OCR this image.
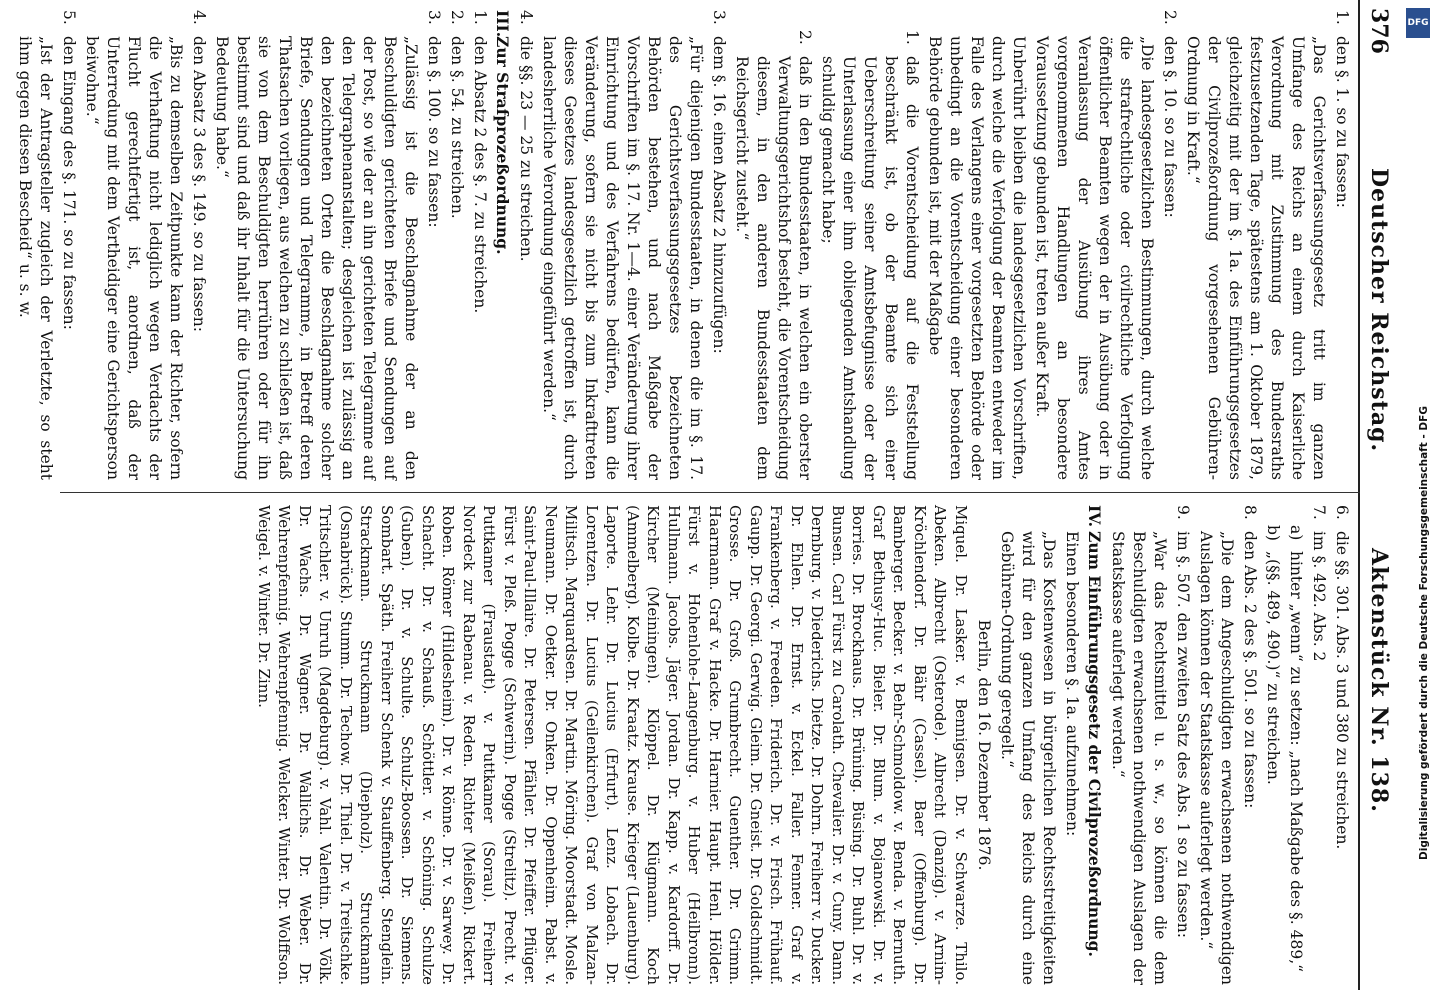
376
Deutscher Reichstag.
Aktenstück Nr. 138.

1.den §. 1. so zu fassen:

„Das Gerichtsverfassungsgesetz tritt im ganzen Umfange des Reichs an einem durch Kaiserliche Verordnung mit Zustimmung des Bundesraths festzusetzenden Tage, spätestens am 1. Oktober 1879, gleichzeitig mit der im §. 1a. des Einführungsgesetzes der Civilprozeßordnung vorgesehenen Gebühren-Ordnung in Kraft.“

2.den §. 10. so zu fassen:

„Die landesgesetzlichen Bestimmungen, durch welche die strafrechtliche oder civilrechtliche Verfolgung öffentlicher Beamten wegen der in Ausübung oder in Veranlassung der Ausübung ihres Amtes vorgenommenen Handlungen an besondere Voraussetzung gebunden ist, treten außer Kraft.

Unberührt bleiben die landesgesetzlichen Vorschriften, durch welche die Verfolgung der Beamten entweder im Falle des Verlangens einer vorgesetzten Behörde oder unbedingt an die Vorentscheidung einer besonderen Behörde gebunden ist, mit der Maßgabe

1.daß die Vorentscheidung auf die Feststellung beschränkt ist, ob der Beamte sich einer Ueberschreitung seiner Amtsbefugnisse oder der Unterlassung einer ihm obliegenden Amtshandlung schuldig gemacht habe;

2.daß in den Bundesstaaten, in welchen ein oberster Verwaltungsgerichtshof besteht, die Vorentscheidung diesem, in den anderen Bundesstaaten dem Reichsgericht zusteht.“

3.dem §. 16. einen Absatz 2 hinzuzufügen:

„Für diejenigen Bundesstaaten, in denen die im §. 17. des Gerichtsverfassungsgesetzes bezeichneten Behörden bestehen, und nach Maßgabe der Vorschriften im §. 17. Nr. 1—4. einer Veränderung ihrer Einrichtung und des Verfahrens bedürfen, kann die Veränderung, sofern sie nicht bis zum Inkrafttreten dieses Gesetzes landesgesetzlich getroffen ist, durch landesherrliche Verordnung eingeführt werden.“

4.die §§. 23 — 25 zu streichen.

III.Zur Strafprozeßordnung.

1.den Absatz 2 des §. 7. zu streichen.

2.den §. 54. zu streichen.

3.den §. 100. so zu fassen:

„Zulässig ist die Beschlagnahme der an den Beschuldigten gerichteten Briefe und Sendungen auf der Post, so wie der an ihn gerichteten Telegramme auf den Telegraphenanstalten; desgleichen ist zulässig an den bezeichneten Orten die Beschlagnahme solcher Briefe, Sendungen und Telegramme, in Betreff deren Thatsachen vorliegen, aus welchen zu schließen ist, daß sie von dem Beschuldigten herrühren oder für ihn bestimmt sind und daß ihr Inhalt für die Untersuchung Bedeutung habe.“

4.den Absatz 3 des §. 149. so zu fassen:

„Bis zu demselben Zeitpunkte kann der Richter, sofern die Verhaftung nicht lediglich wegen Verdachts der Flucht gerechtfertigt ist, anordnen, daß der Unterredung mit dem Vertheidiger eine Gerichtsperson beiwohne.“

5.den Eingang des §. 171. so zu fassen:

„Ist der Antragsteller zugleich der Verletzte, so steht ihm gegen diesen Bescheid“ u. s. w.

6.die §§. 301. Abs. 3 und 380 zu streichen.

7.im §. 492. Abs. 2

a)hinter „wenn“ zu setzen: „nach Maßgabe des §. 489,“

b)„(§§. 489, 490.)“ zu streichen.

8.den Abs. 2 des §. 501. so zu fassen:

„Die dem Angeschuldigten erwachsenen nothwendigen Auslagen können der Staatskasse auferlegt werden.“

9.im §. 507. den zweiten Satz des Abs. 1 so zu fassen:

„War das Rechtsmittel u. s. w., so können die dem Beschuldigten erwachsenen nothwendigen Auslagen der Staatskasse auferlegt werden.“

IV.Zum Einführungsgesetz der Civilprozeßordnung.

Einen besonderen §. 1a. aufzunehmen:

„Das Kostenwesen in bürgerlichen Rechtsstreitigkeiten wird für den ganzen Umfang des Reichs durch eine Gebühren-Ordnung geregelt.“

Berlin, den 16. Dezember 1876.

Miquel. Dr. Lasker. v. Bennigsen. Dr. v. Schwarze. Thilo. Abeken. Albrecht (Osterode). Albrecht (Danzig). v. Arnim-Kröchlendorf. Dr. Bähr (Cassel). Baer (Offenburg). Dr. Bamberger. Becker. v. Behr-Schmoldow. v. Benda. v. Bernuth. Graf Bethusy-Huc. Bieler. Dr. Blum. v. Bojanowski. Dr. v. Borries. Dr. Brockhaus. Dr. Brüning. Büsing. Dr. Buhl. Dr. v. Bunsen. Carl Fürst zu Carolath. Chevalier. Dr. v. Cuny. Dann. Dernburg. v. Diederichs. Dietze. Dr. Dohrn. Freiherr v. Ducker. Dr. Ehlen. Dr. Ernst. v. Eckel. Faller. Fenner. Graf v. Frankenberg. v. Freeden. Friderich. Dr. v. Frisch. Frühauf. Gaupp. Dr. Georgi. Gerwig. Gleim. Dr. Gneist. Dr. Goldschmidt. Grosse. Dr. Groß. Grumbrecht. Guenther. Dr. Grimm. Haarmann. Graf v. Hacke. Dr. Harnier. Haupt. Henl. Hölder. Fürst v. Hohenlohe-Langenburg. v. Huber (Heilbronn). Hullmann. Jacobs. Jäger. Jordan. Dr. Kapp. v. Kardorff. Dr. Kircher (Meiningen). Klöppel. Dr. Klügmann. Koch (Ammelberg). Kolbe. Dr. Kraatz. Krause. Krieger (Lauenburg). Laporte. Lehr. Dr. Lucius (Erfurt). Lenz. Lobach. Dr. Lorentzen. Dr. Lucius (Geilenkirchen). Graf von Malzan-Militsch. Marquardsen. Dr. Martin. Möring. Moorstadt. Mosle. Neumann. Dr. Oetker. Dr. Onken. Dr. Oppenheim. Pabst. v. Saint-Paul-Illaire. Dr. Petersen. Pfähler. Dr. Pfeiffer. Pflüger. Fürst v. Pleß. Pogge (Schwerin). Pogge (Strelitz). Precht. v. Puttkamer (Fraustadt). v. Puttkamer (Sorau). Freiherr Nordeck zur Rabenau. v. Reden. Richter (Meißen). Rickert. Roben. Römer (Hildesheim). Dr. v. Rönne. Dr. v. Sarwey. Dr. Schacht. Dr. v. Schauß. Schöttler. v. Schöning. Schulze (Guben). Dr. v. Schulte. Schulz-Boossen. Dr. Siemens. Sombart. Späth. Freiherr Schenk v. Stauffenberg. Stenglein. Strackmann. Struckmann (Diepholz). Struckmann (Osnabrück). Stumm. Dr. Techow. Dr. Thiel. Dr. v. Treitschke. Tritschler. v. Unruh (Magdeburg). v. Vahl. Valentin. Dr. Völk. Dr. Wachs. Dr. Wagner. Dr. Wallichs. Dr. Weber. Dr. Wehrenpfennig. Wehrenpfennig. Welcker. Winter. Dr. Wolffson. Weigel. v. Winter. Dr. Zinn.

DFG
Digitalisierung gefördert durch die Deutsche Forschungsgemeinschaft - DFG
